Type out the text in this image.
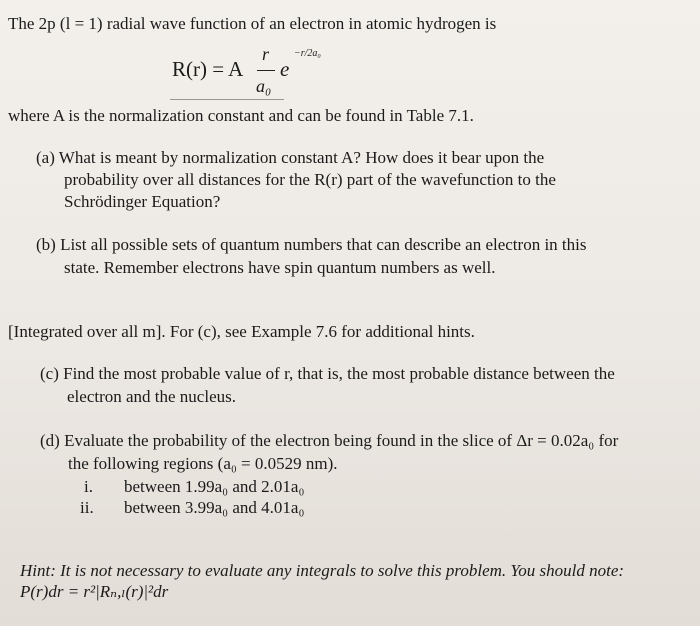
The 2p (l = 1) radial wave function of an electron in atomic hydrogen is
R(r) = A
r
a₀
e
−r/2a₀
where A is the normalization constant and can be found in Table 7.1.
(a) What is meant by normalization constant A? How does it bear upon the
probability over all distances for the R(r) part of the wavefunction to the
Schrödinger Equation?
(b) List all possible sets of quantum numbers that can describe an electron in this
state. Remember electrons have spin quantum numbers as well.
[Integrated over all m]. For (c), see Example 7.6 for additional hints.
(c) Find the most probable value of r, that is, the most probable distance between the
electron and the nucleus.
(d) Evaluate the probability of the electron being found in the slice of Δr = 0.02a₀ for
the following regions (a₀ = 0.0529 nm).
i. between 1.99a₀ and 2.01a₀
ii. between 3.99a₀ and 4.01a₀
Hint: It is not necessary to evaluate any integrals to solve this problem. You should note:
P(r)dr = r²|Rₙ,ₗ(r)|²dr
